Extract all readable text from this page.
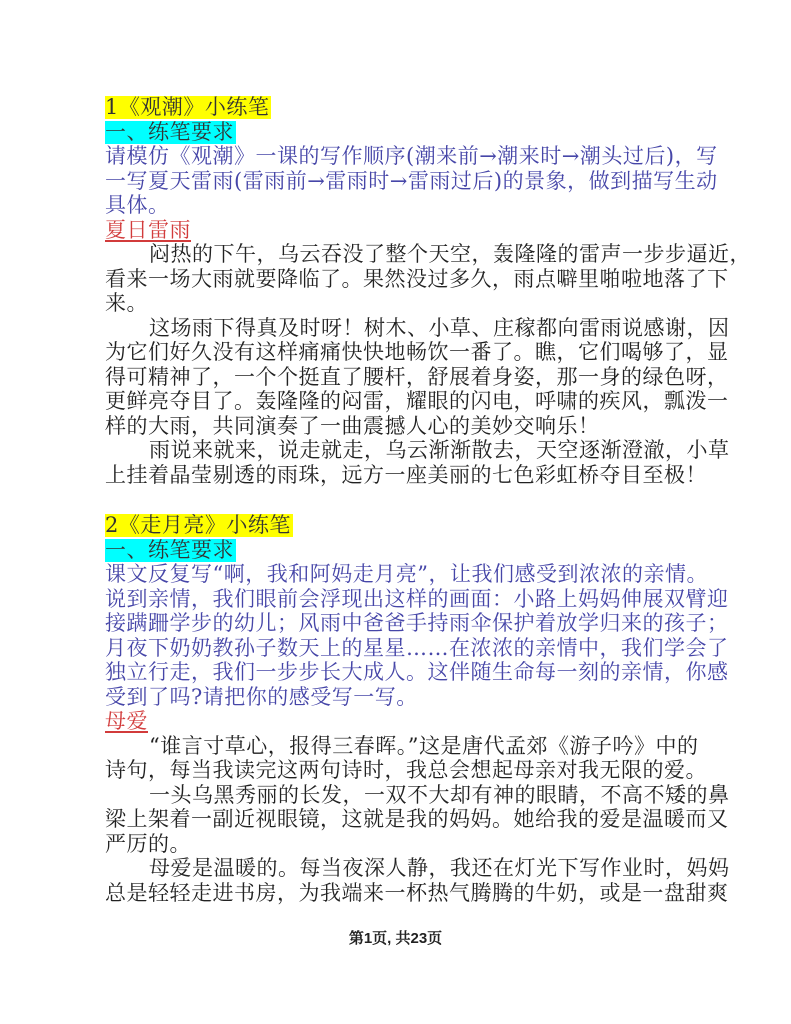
1《观潮》小练笔
一、练笔要求
请模仿《观潮》一课的写作顺序(潮来前→潮来时→潮头过后)，写
一写夏天雷雨(雷雨前→雷雨时→雷雨过后)的景象，做到描写生动
具体。
夏日雷雨
闷热的下午，乌云吞没了整个天空，轰隆隆的雷声一步步逼近，
看来一场大雨就要降临了。果然没过多久，雨点噼里啪啦地落了下
来。
这场雨下得真及时呀！树木、小草、庄稼都向雷雨说感谢，因
为它们好久没有这样痛痛快快地畅饮一番了。瞧，它们喝够了，显
得可精神了，一个个挺直了腰杆，舒展着身姿，那一身的绿色呀，
更鲜亮夺目了。轰隆隆的闷雷，耀眼的闪电，呼啸的疾风，瓢泼一
样的大雨，共同演奏了一曲震撼人心的美妙交响乐！
雨说来就来，说走就走，乌云渐渐散去，天空逐渐澄澈，小草
上挂着晶莹剔透的雨珠，远方一座美丽的七色彩虹桥夺目至极！
2《走月亮》小练笔
一、练笔要求
课文反复写“啊，我和阿妈走月亮”，让我们感受到浓浓的亲情。
说到亲情，我们眼前会浮现出这样的画面：小路上妈妈伸展双臂迎
接蹒跚学步的幼儿；风雨中爸爸手持雨伞保护着放学归来的孩子；
月夜下奶奶教孙子数天上的星星……在浓浓的亲情中，我们学会了
独立行走，我们一步步长大成人。这伴随生命每一刻的亲情，你感
受到了吗?请把你的感受写一写。
母爱
“谁言寸草心，报得三春晖。”这是唐代孟郊《游子吟》中的
诗句，每当我读完这两句诗时，我总会想起母亲对我无限的爱。
一头乌黑秀丽的长发，一双不大却有神的眼睛，不高不矮的鼻
梁上架着一副近视眼镜，这就是我的妈妈。她给我的爱是温暖而又
严厉的。
母爱是温暖的。每当夜深人静，我还在灯光下写作业时，妈妈
总是轻轻走进书房，为我端来一杯热气腾腾的牛奶，或是一盘甜爽
第1页, 共23页
